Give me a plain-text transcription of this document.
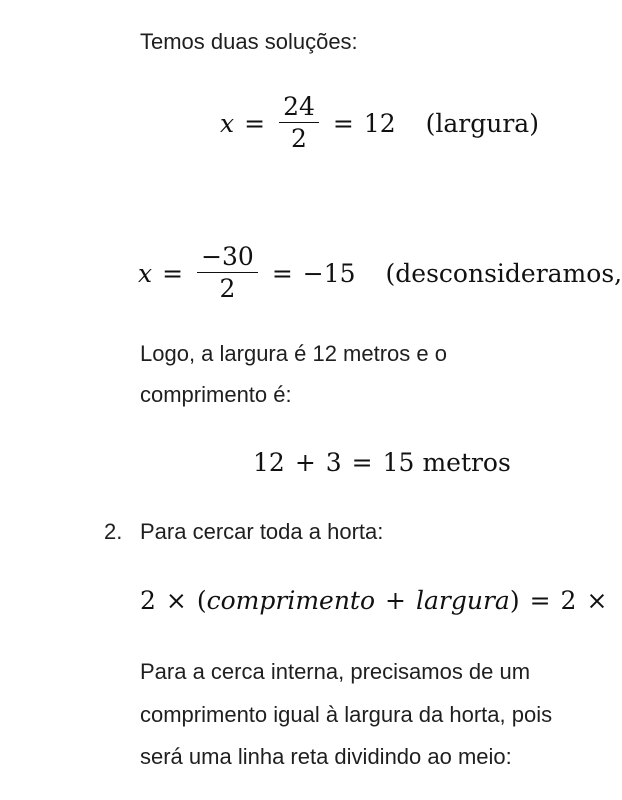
Temos duas soluções:
$x = \frac{24}{2} = 12$ (largura)
$x = \frac{-30}{2} = -15$ (desconsideramos,
Logo, a largura é 12 metros e o
comprimento é:
12 + 3 = 15 metros
2. Para cercar toda a horta:
2 × ( comprimento + largura ) = 2 ×
Para a cerca interna, precisamos de um
comprimento igual à largura da horta, pois
será uma linha reta dividindo ao meio:
